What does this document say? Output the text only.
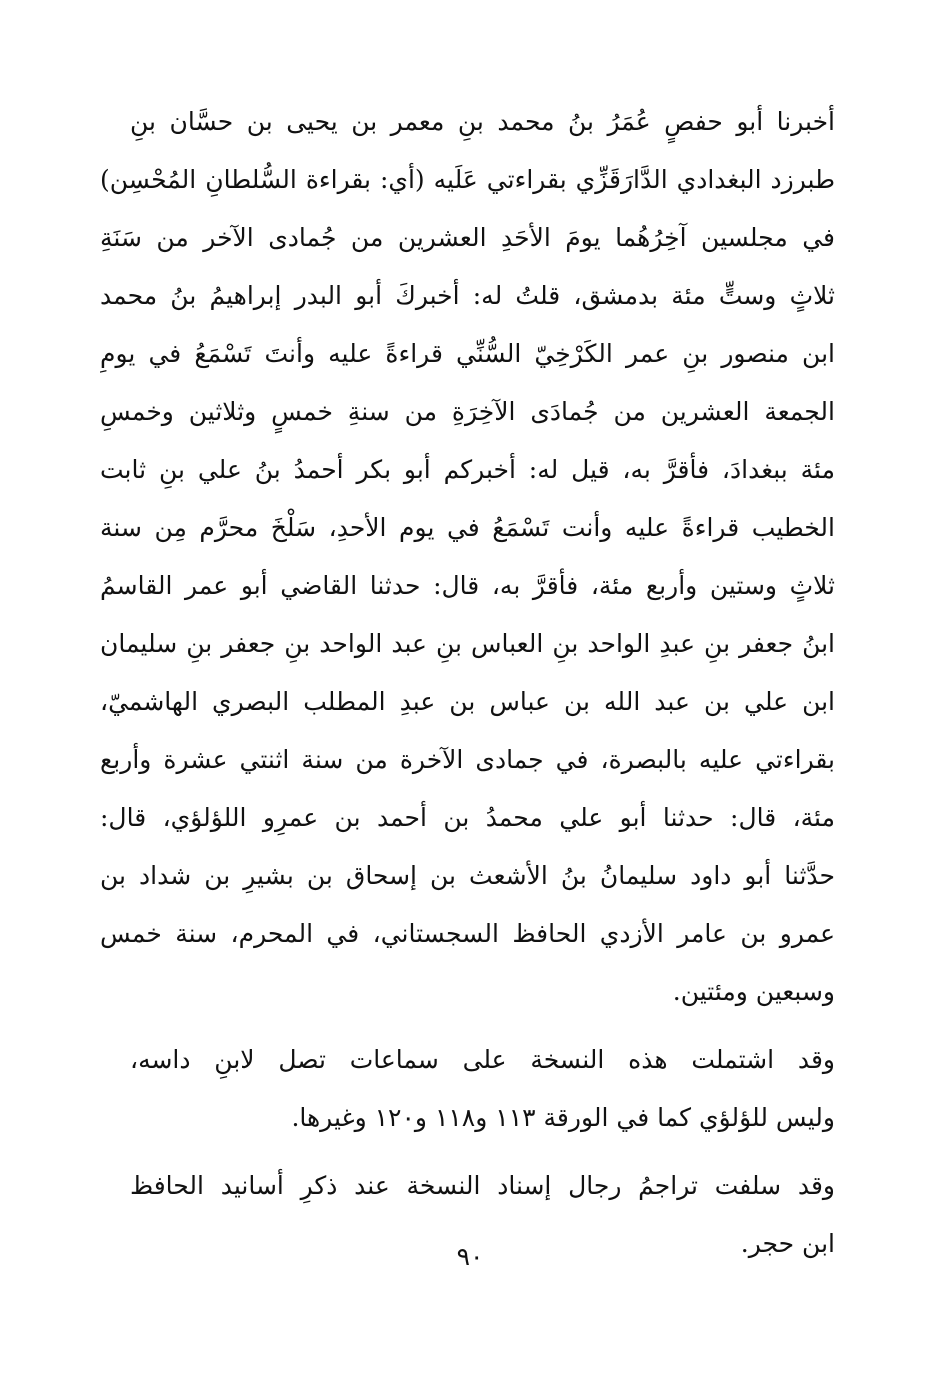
أخبرنا أبو حفصٍ عُمَرُ بنُ محمد بنِ معمر بن يحيى بن حسَّان بنِ
طبرزد البغدادي الدَّارَقَزِّي بقراءتي عَلَيه (أي: بقراءة السُّلطانِ المُحْسِن)
في مجلسين آخِرُهُما يومَ الأحَدِ العشرين من جُمادى الآخر من سَنَةِ
ثلاثٍ وستٍّ مئة بدمشق، قلتُ له: أخبركَ أبو البدر إبراهيمُ بنُ محمد
ابن منصور بنِ عمر الكَرْخِيّ السُّنِّي قراءةً عليه وأنتَ تَسْمَعُ في يومِ
الجمعة العشرين من جُمادَى الآخِرَةِ من سنةِ خمسٍ وثلاثين وخمسِ
مئة ببغدادَ، فأقرَّ به، قيل له: أخبركم أبو بكر أحمدُ بنُ علي بنِ ثابت
الخطيب قراءةً عليه وأنت تَسْمَعُ في يوم الأحدِ، سَلْخَ محرَّم مِن سنة
ثلاثٍ وستين وأربع مئة، فأقرَّ به، قال: حدثنا القاضي أبو عمر القاسمُ
ابنُ جعفر بنِ عبدِ الواحد بنِ العباس بنِ عبد الواحد بنِ جعفر بنِ سليمان
ابن علي بن عبد الله بن عباس بن عبدِ المطلب البصري الهاشميّ،
بقراءتي عليه بالبصرة، في جمادى الآخرة من سنة اثنتي عشرة وأربع
مئة، قال: حدثنا أبو علي محمدُ بن أحمد بن عمرِو اللؤلؤي، قال:
حدَّثنا أبو داود سليمانُ بنُ الأشعث بن إسحاق بن بشيرِ بن شداد بن
عمرو بن عامر الأزدي الحافظ السجستاني، في المحرم، سنة خمس
وسبعين ومئتين.
وقد اشتملت هذه النسخة على سماعات تصل لابنِ داسه،
وليس للؤلؤي كما في الورقة ١١٣ و١١٨ و١٢٠ وغيرها.
وقد سلفت تراجمُ رجال إسناد النسخة عند ذكرِ أسانيد الحافظ
ابن حجر.
٩٠
